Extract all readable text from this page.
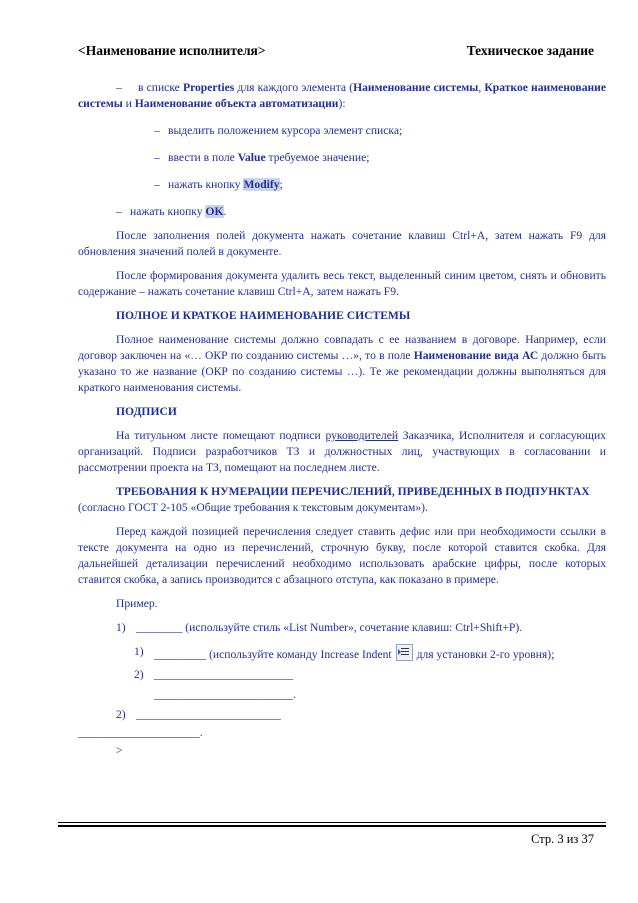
<Наименование исполнителя>	Техническое задание

–	в списке Properties для каждого элемента (Наименование системы, Краткое наименование системы и Наименование объекта автоматизации):

– выделить положением курсора элемент списка;

– ввести в поле Value требуемое значение;

– нажать кнопку Modify;

– нажать кнопку OK.

После заполнения полей документа нажать сочетание клавиш Ctrl+A, затем нажать F9 для обновления значений полей в документе.

После формирования документа удалить весь текст, выделенный синим цветом, снять и обновить содержание – нажать сочетание клавиш Ctrl+A, затем нажать F9.

ПОЛНОЕ И КРАТКОЕ НАИМЕНОВАНИЕ СИСТЕМЫ

Полное наименование системы должно совпадать с ее названием в договоре. Например, если договор заключен на «… ОКР по созданию системы …», то в поле Наименование вида АС должно быть указано то же название (ОКР по созданию системы …). Те же рекомендации должны выполняться для краткого наименования системы.

ПОДПИСИ

На титульном листе помещают подписи руководителей Заказчика, Исполнителя и согласующих организаций. Подписи разработчиков ТЗ и должностных лиц, участвующих в согласовании и рассмотрении проекта на ТЗ, помещают на последнем листе.

ТРЕБОВАНИЯ К НУМЕРАЦИИ ПЕРЕЧИСЛЕНИЙ, ПРИВЕДЕННЫХ В ПОДПУНКТАХ

(согласно ГОСТ 2-105 «Общие требования к текстовым документам»).

Перед каждой позицией перечисления следует ставить дефис или при необходимости ссылки в тексте документа на одно из перечислений, строчную букву, после которой ставится скобка. Для дальнейшей детализации перечислений необходимо использовать арабские цифры, после которых ставится скобка, а запись производится с абзацного отступа, как показано в примере.

Пример.

1) ________ (используйте стиль «List Number», сочетание клавиш: Ctrl+Shift+P).

1) _________ (используйте команду Increase Indent для установки 2-го уровня);

2) ________________________

________________________.

2) _________________________

_____________________.

>

Стр. 3 из 37
